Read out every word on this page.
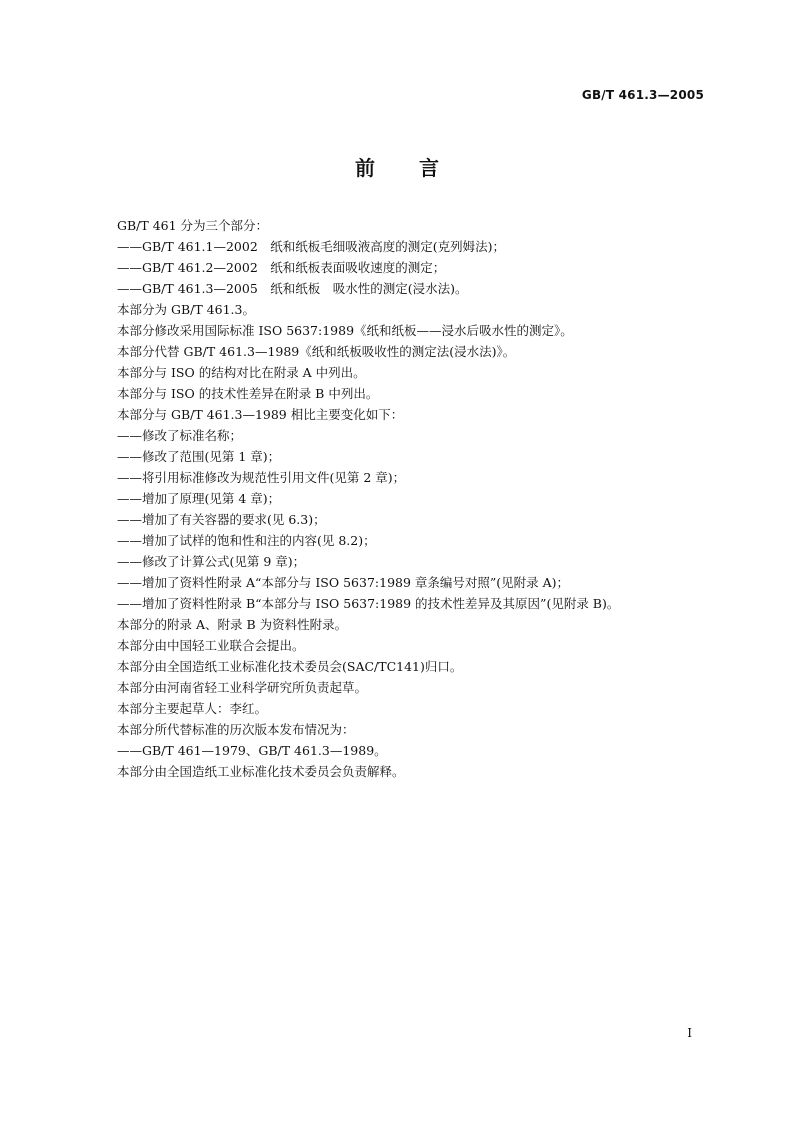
GB/T 461.3—2005
前 言
GB/T 461 分为三个部分：
——GB/T 461.1—2002　纸和纸板毛细吸液高度的测定(克列姆法)；
——GB/T 461.2—2002　纸和纸板表面吸收速度的测定；
——GB/T 461.3—2005　纸和纸板　吸水性的测定(浸水法)。
本部分为 GB/T 461.3。
本部分修改采用国际标准 ISO 5637:1989《纸和纸板——浸水后吸水性的测定》。
本部分代替 GB/T 461.3—1989《纸和纸板吸收性的测定法(浸水法)》。
本部分与 ISO 的结构对比在附录 A 中列出。
本部分与 ISO 的技术性差异在附录 B 中列出。
本部分与 GB/T 461.3—1989 相比主要变化如下：
——修改了标准名称；
——修改了范围(见第 1 章)；
——将引用标准修改为规范性引用文件(见第 2 章)；
——增加了原理(见第 4 章)；
——增加了有关容器的要求(见 6.3)；
——增加了试样的饱和性和注的内容(见 8.2)；
——修改了计算公式(见第 9 章)；
——增加了资料性附录 A“本部分与 ISO 5637:1989 章条编号对照”(见附录 A)；
——增加了资料性附录 B“本部分与 ISO 5637:1989 的技术性差异及其原因”(见附录 B)。
本部分的附录 A、附录 B 为资料性附录。
本部分由中国轻工业联合会提出。
本部分由全国造纸工业标准化技术委员会(SAC/TC141)归口。
本部分由河南省轻工业科学研究所负责起草。
本部分主要起草人：李红。
本部分所代替标准的历次版本发布情况为：
——GB/T 461—1979、GB/T 461.3—1989。
本部分由全国造纸工业标准化技术委员会负责解释。
I
